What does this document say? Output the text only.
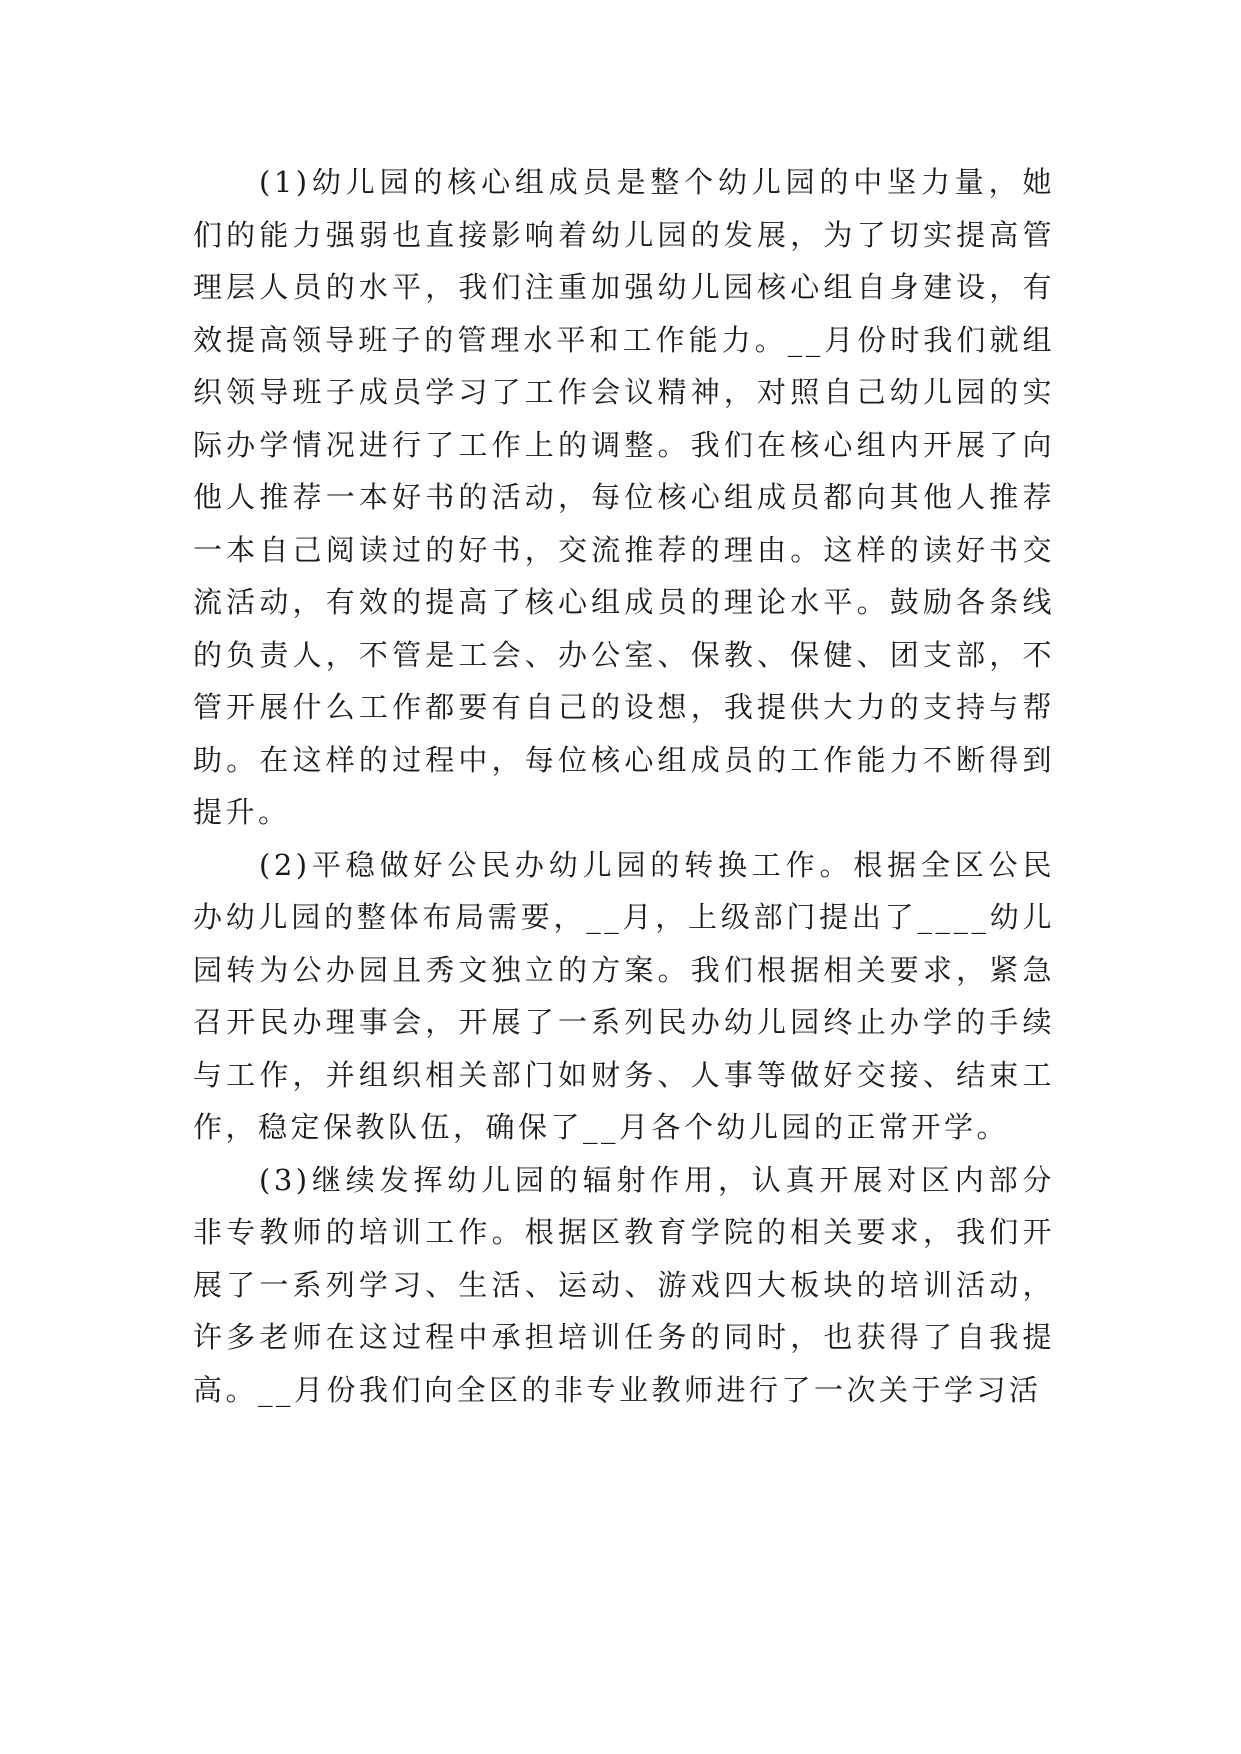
(1)幼儿园的核心组成员是整个幼儿园的中坚力量，她们的能力强弱也直接影响着幼儿园的发展，为了切实提高管理层人员的水平，我们注重加强幼儿园核心组自身建设，有效提高领导班子的管理水平和工作能力。__月份时我们就组织领导班子成员学习了工作会议精神，对照自己幼儿园的实际办学情况进行了工作上的调整。我们在核心组内开展了向他人推荐一本好书的活动，每位核心组成员都向其他人推荐一本自己阅读过的好书，交流推荐的理由。这样的读好书交流活动，有效的提高了核心组成员的理论水平。鼓励各条线的负责人，不管是工会、办公室、保教、保健、团支部，不管开展什么工作都要有自己的设想，我提供大力的支持与帮助。在这样的过程中，每位核心组成员的工作能力不断得到提升。

(2)平稳做好公民办幼儿园的转换工作。根据全区公民办幼儿园的整体布局需要，__月，上级部门提出了____幼儿园转为公办园且秀文独立的方案。我们根据相关要求，紧急召开民办理事会，开展了一系列民办幼儿园终止办学的手续与工作，并组织相关部门如财务、人事等做好交接、结束工作，稳定保教队伍，确保了__月各个幼儿园的正常开学。

(3)继续发挥幼儿园的辐射作用，认真开展对区内部分非专教师的培训工作。根据区教育学院的相关要求，我们开展了一系列学习、生活、运动、游戏四大板块的培训活动，许多老师在这过程中承担培训任务的同时，也获得了自我提高。__月份我们向全区的非专业教师进行了一次关于学习活
